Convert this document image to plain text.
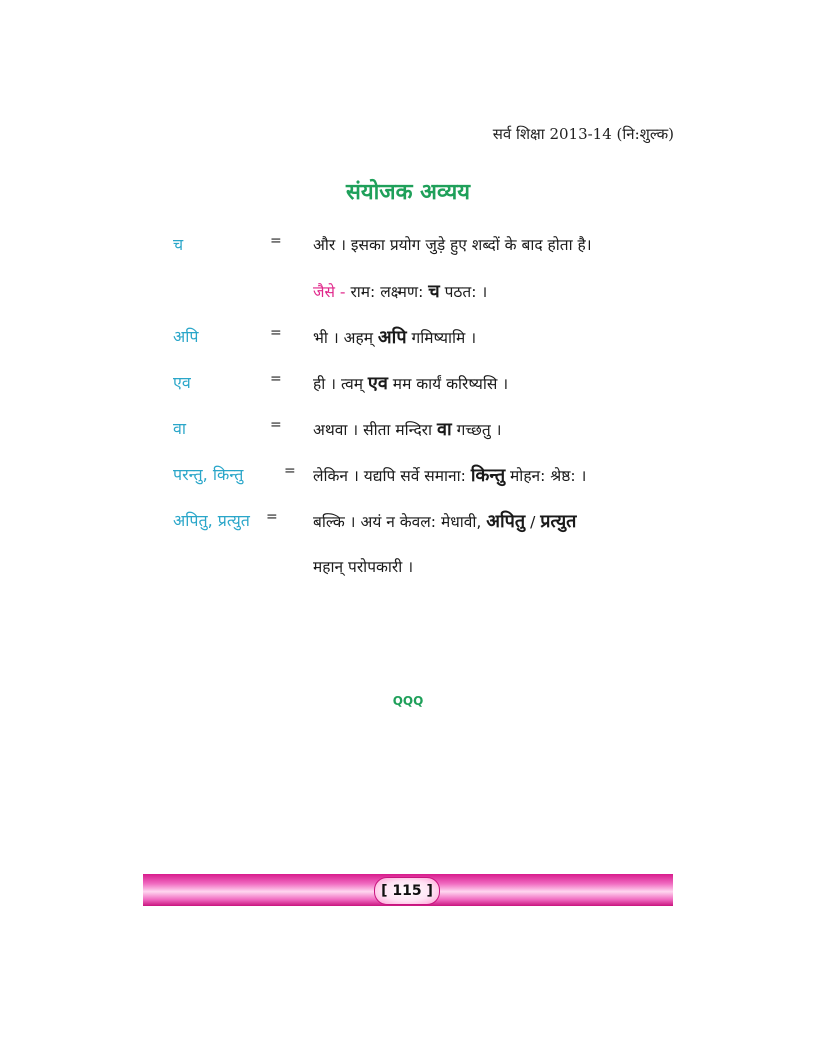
सर्व शिक्षा 2013-14 (नि:शुल्क)
संयोजक अव्यय
च	= और । इसका प्रयोग जुड़े हुए शब्दों के बाद होता है।
जैसे - राम: लक्ष्मण: च पठत: ।
अपि	= भी । अहम् अपि गमिष्यामि ।
एव	= ही । त्वम् एव मम कार्यं करिष्यसि ।
वा	= अथवा । सीता मन्दिरा वा गच्छतु ।
परन्तु, किन्तु	= लेकिन । यद्यपि सर्वे समाना: किन्तु मोहन: श्रेष्ठ: ।
अपितु, प्रत्युत = बल्कि । अयं न केवल: मेधावी, अपितु / प्रत्युत
महान् परोपकारी ।
QQQ
[ 115 ]
